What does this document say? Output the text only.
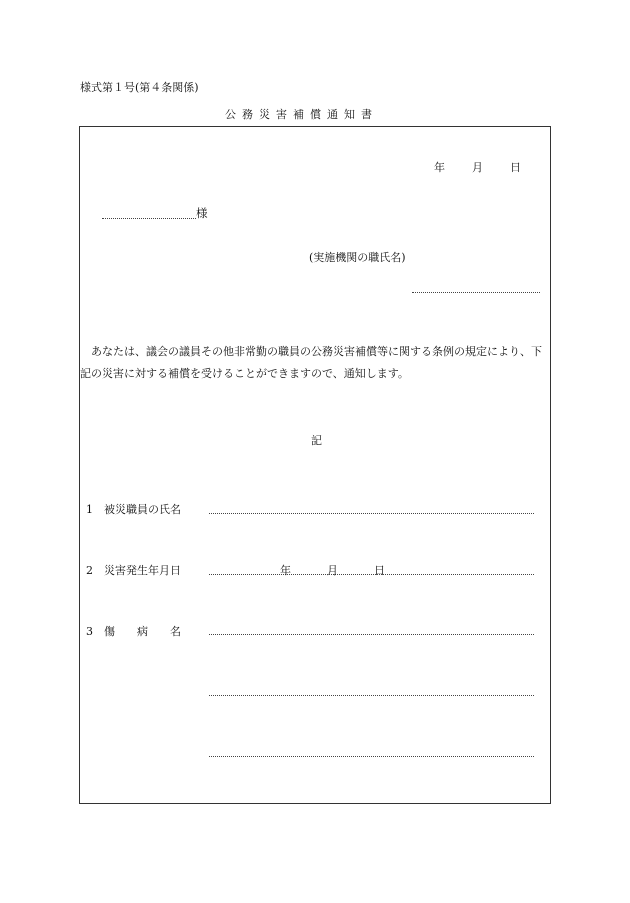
様式第１号(第４条関係)
公務災害補償通知書
年 月 日
様
(実施機関の職氏名)
あなたは、議会の議員その他非常勤の職員の公務災害補償等に関する条例の規定により、下記の災害に対する補償を受けることができますので、通知します。
記
1　被災職員の氏名
2　災害発生年月日	年	月	日
3　傷　　病　　名
